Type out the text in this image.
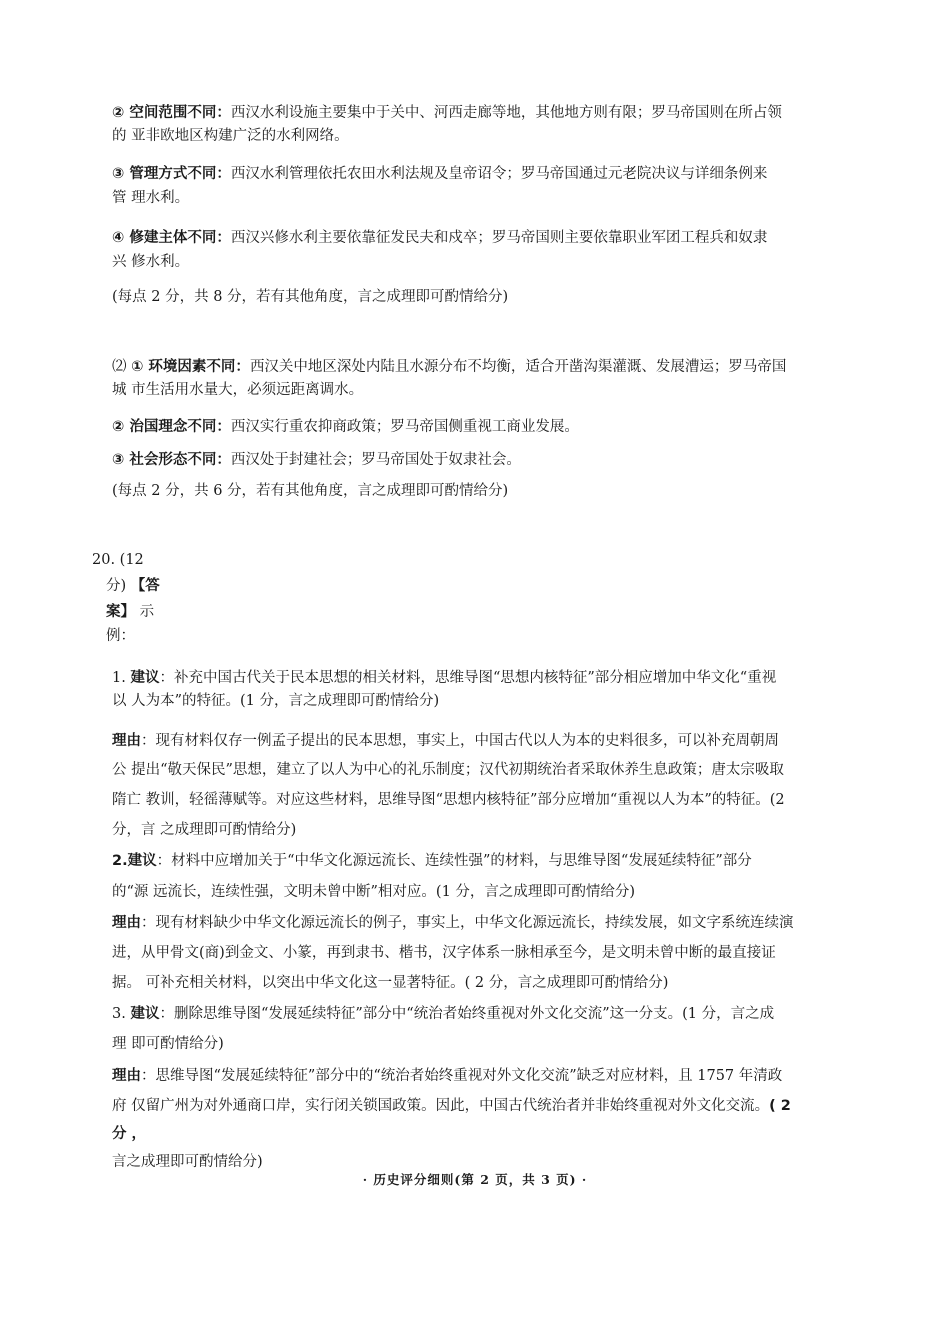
② 空间范围不同：西汉水利设施主要集中于关中、河西走廊等地，其他地方则有限；罗马帝国则在所占领
的 亚非欧地区构建广泛的水利网络。
③ 管理方式不同：西汉水利管理依托农田水利法规及皇帝诏令；罗马帝国通过元老院决议与详细条例来
管 理水利。
④ 修建主体不同：西汉兴修水利主要依靠征发民夫和戍卒；罗马帝国则主要依靠职业军团工程兵和奴隶
兴 修水利。
(每点 2 分，共 8 分，若有其他角度，言之成理即可酌情给分)
⑵ ① 环境因素不同：西汉关中地区深处内陆且水源分布不均衡，适合开凿沟渠灌溉、发展漕运；罗马帝国
城 市生活用水量大，必须远距离调水。
② 治国理念不同：西汉实行重农抑商政策；罗马帝国侧重视工商业发展。
③ 社会形态不同：西汉处于封建社会；罗马帝国处于奴隶社会。
(每点 2 分，共 6 分，若有其他角度，言之成理即可酌情给分)
20. (12
分) 【答
案】 示
例：
1. 建议：补充中国古代关于民本思想的相关材料，思维导图“思想内核特征”部分相应增加中华文化“重视
以 人为本”的特征。(1 分，言之成理即可酌情给分)
理由：现有材料仅存一例孟子提出的民本思想，事实上，中国古代以人为本的史料很多，可以补充周朝周
公 提出“敬天保民”思想，建立了以人为中心的礼乐制度；汉代初期统治者采取休养生息政策；唐太宗吸取
隋亡 教训，轻徭薄赋等。对应这些材料，思维导图“思想内核特征”部分应增加“重视以人为本”的特征。(2
分，言 之成理即可酌情给分)
2.建议：材料中应增加关于“中华文化源远流长、连续性强”的材料，与思维导图“发展延续特征”部分
的“源 远流长，连续性强，文明未曾中断”相对应。(1 分，言之成理即可酌情给分)
理由：现有材料缺少中华文化源远流长的例子，事实上，中华文化源远流长，持续发展，如文字系统连续演
进，从甲骨文(商)到金文、小篆，再到隶书、楷书，汉字体系一脉相承至今，是文明未曾中断的最直接证
据。 可补充相关材料，以突出中华文化这一显著特征。( 2 分，言之成理即可酌情给分)
3. 建议：删除思维导图“发展延续特征”部分中“统治者始终重视对外文化交流”这一分支。(1 分，言之成
理 即可酌情给分)
理由：思维导图“发展延续特征”部分中的“统治者始终重视对外文化交流”缺乏对应材料，且 1757 年清政
府 仅留广州为对外通商口岸，实行闭关锁国政策。因此，中国古代统治者并非始终重视对外文化交流。( 2
分 ，
言之成理即可酌情给分)
· 历史评分细则(第 2 页，共 3 页) ·
